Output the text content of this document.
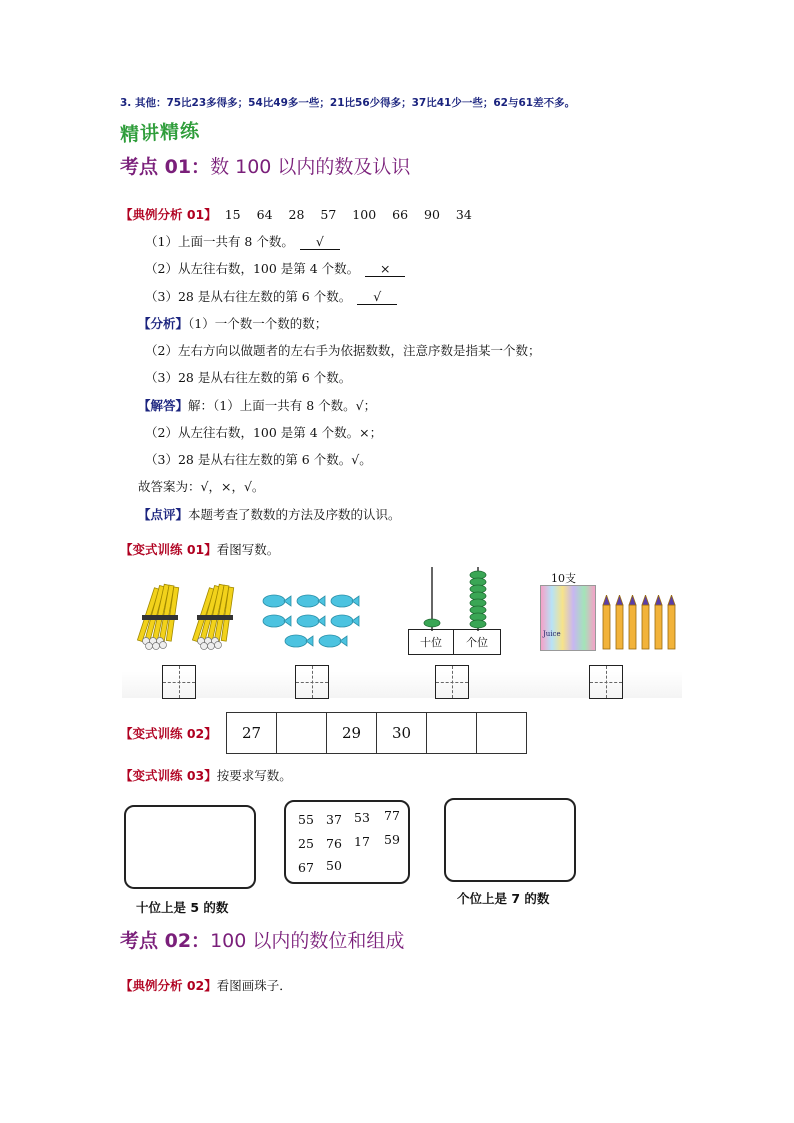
3. 其他：75比23多得多；54比49多一些；21比56少得多；37比41少一些；62与61差不多。
精讲精练
考点 01：数 100 以内的数及认识
【典例分析 01】 15 64 28 57 100 66 90 34
（1）上面一共有 8 个数。 √
（2）从左往右数，100 是第 4 个数。 ×
（3）28 是从右往左数的第 6 个数。 √
【分析】（1）一个数一个数的数；
（2）左右方向以做题者的左右手为依据数数，注意序数是指某一个数；
（3）28 是从右往左数的第 6 个数。
【解答】解：（1）上面一共有 8 个数。√；
（2）从左往右数，100 是第 4 个数。×；
（3）28 是从右往左数的第 6 个数。√。
故答案为：√，×，√。
【点评】本题考查了数数的方法及序数的认识。
【变式训练 01】看图写数。
十位	个位
10支
Juice
【变式训练 02】 27		29	30		
【变式训练 03】按要求写数。
十位上是 5 的数
55 37 53 77
25 76 17 59
67 50
个位上是 7 的数
考点 02：100 以内的数位和组成
【典例分析 02】看图画珠子．
